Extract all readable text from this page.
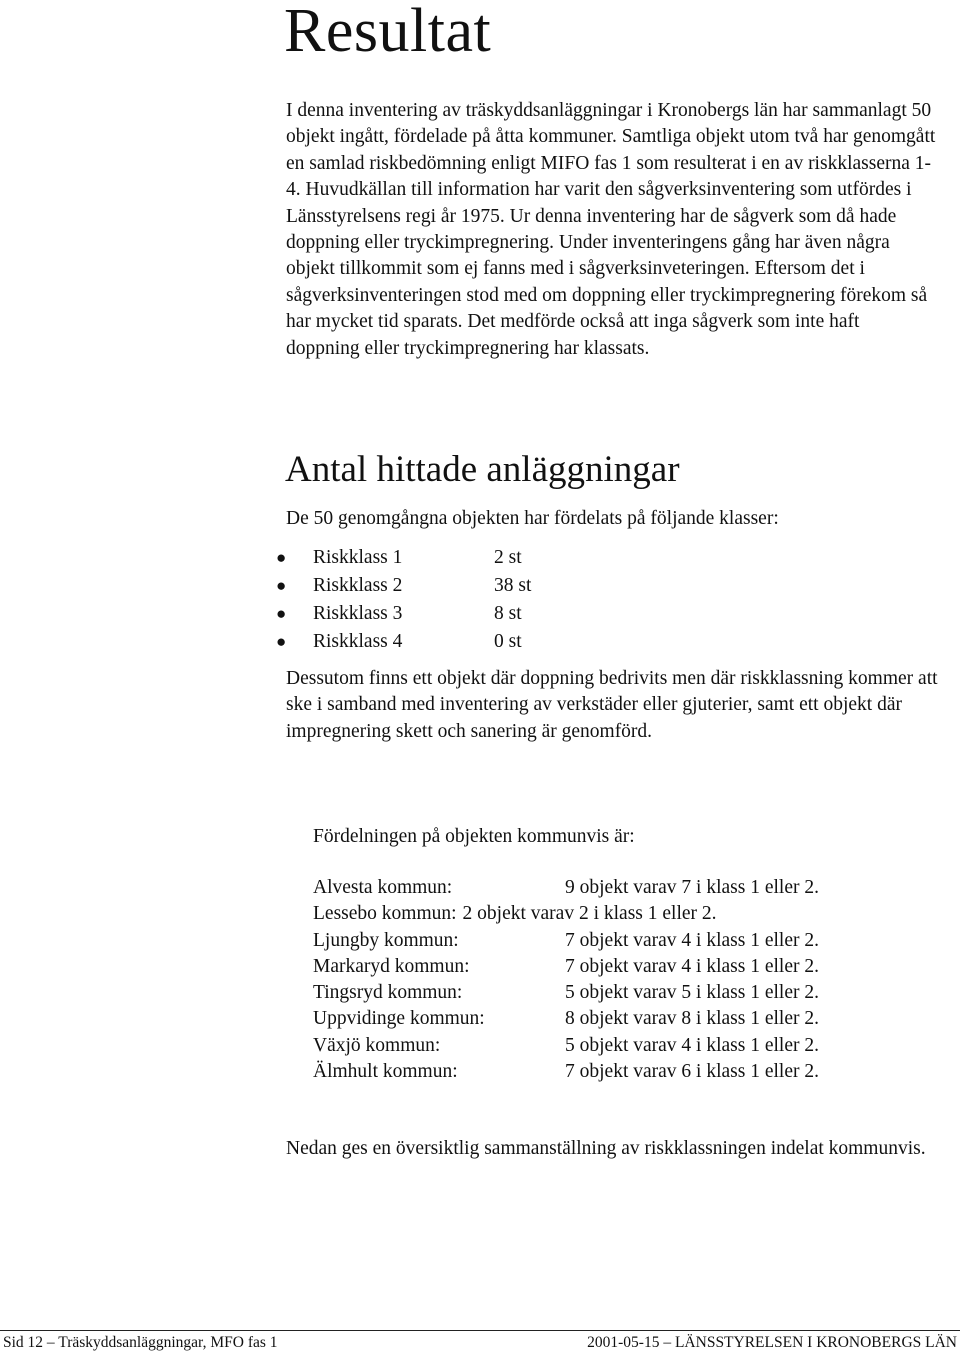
Resultat

I denna inventering av träskyddsanläggningar i Kronobergs län har sammanlagt 50 objekt ingått, fördelade på åtta kommuner. Samtliga objekt utom två har genomgått en samlad riskbedömning enligt MIFO fas 1 som resulterat i en av riskklasserna 1-4. Huvudkällan till information har varit den sågverksinventering som utfördes i Länsstyrelsens regi år 1975. Ur denna inventering har de sågverk som då hade doppning eller tryckimpregnering. Under inventeringens gång har även några objekt tillkommit som ej fanns med i sågverksinveteringen. Eftersom det i sågverksinventeringen stod med om doppning eller tryckimpregnering förekom så har mycket tid sparats. Det medförde också att inga sågverk som inte haft doppning eller tryckimpregnering har klassats.

Antal hittade anläggningar

De 50 genomgångna objekten har fördelats på följande klasser:

●	Riskklass 1	2 st
●	Riskklass 2	38 st
●	Riskklass 3	8 st
●	Riskklass 4	0 st

Dessutom finns ett objekt där doppning bedrivits men där riskklassning kommer att ske i samband med inventering av verkstäder eller gjuterier, samt ett objekt där impregnering skett och sanering är genomförd.

Fördelningen på objekten kommunvis är:

Alvesta kommun:	9 objekt varav 7 i klass 1 eller 2.
Lessebo kommun: 2 objekt varav 2 i klass 1 eller 2.
Ljungby kommun:	7 objekt varav 4 i klass 1 eller 2.
Markaryd kommun:	7 objekt varav 4 i klass 1 eller 2.
Tingsryd kommun:	5 objekt varav 5 i klass 1 eller 2.
Uppvidinge kommun:	8 objekt varav 8 i klass 1 eller 2.
Växjö kommun:	5 objekt varav 4 i klass 1 eller 2.
Älmhult kommun:	7 objekt varav 6 i klass 1 eller 2.

Nedan ges en översiktlig sammanställning av riskklassningen indelat kommunvis.

Sid 12 – Träskyddsanläggningar, MFO fas 1	2001-05-15 – LÄNSSTYRELSEN I KRONOBERGS LÄN
